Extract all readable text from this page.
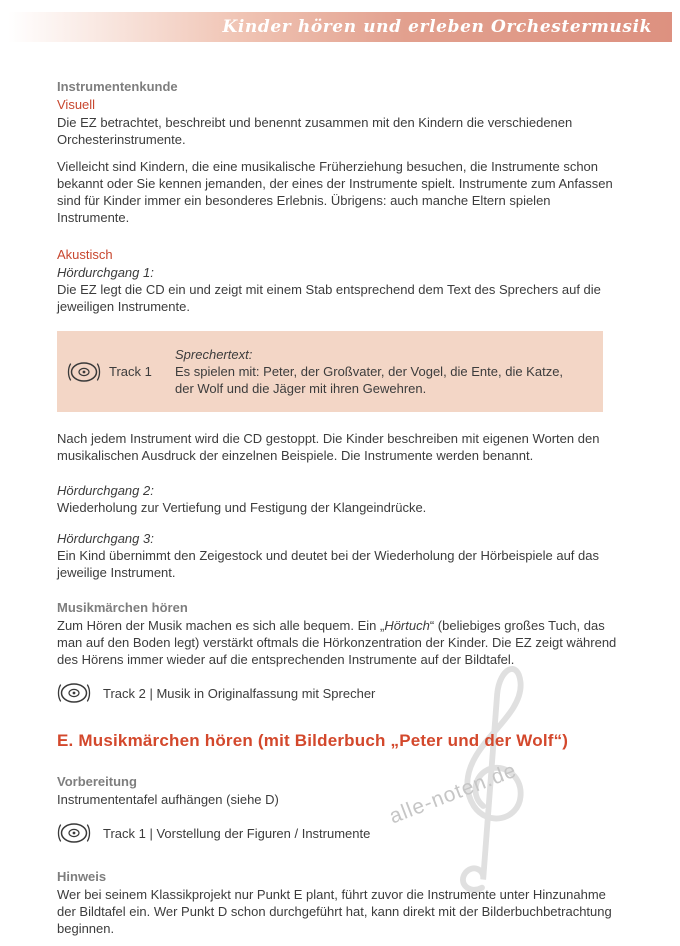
alle-noten.de
Kinder hören und erleben Orchestermusik
Instrumentenkunde
Visuell

Die EZ betrachtet, beschreibt und benennt zusammen mit den Kindern die verschiedenen Orchesterinstrumente.

Vielleicht sind Kindern, die eine musikalische Früherziehung besuchen, die Instrumente schon bekannt oder Sie kennen jemanden, der eines der Instrumente spielt. Instrumente zum Anfassen sind für Kinder immer ein besonderes Erlebnis. Übrigens: auch manche Eltern spielen Instrumente.

Akustisch
Hördurchgang 1:
Die EZ legt die CD ein und zeigt mit einem Stab entsprechend dem Text des Sprechers auf die jeweiligen Instrumente.
Track 1
Sprechertext:
Es spielen mit: Peter, der Großvater, der Vogel, die Ente, die Katze, der Wolf und die Jäger mit ihren Gewehren.

Nach jedem Instrument wird die CD gestoppt. Die Kinder beschreiben mit eigenen Worten den musikalischen Ausdruck der einzelnen Beispiele. Die Instrumente werden benannt.

Hördurchgang 2:
Wiederholung zur Vertiefung und Festigung der Klangeindrücke.
Hördurchgang 3:
Ein Kind übernimmt den Zeigestock und deutet bei der Wiederholung der Hörbeispiele auf das jeweilige Instrument.
Musikmärchen hören

Zum Hören der Musik machen es sich alle bequem. Ein „Hörtuch“ (beliebiges großes Tuch, das man auf den Boden legt) verstärkt oftmals die Hörkonzentration der Kinder. Die EZ zeigt während des Hörens immer wieder auf die entsprechenden Instrumente auf der Bildtafel.

Track 2 | Musik in Originalfassung mit Sprecher
E. Musikmärchen hören (mit Bilderbuch „Peter und der Wolf“)
Vorbereitung
Instrumententafel aufhängen (siehe D)
Track 1 | Vorstellung der Figuren / Instrumente
Hinweis

Wer bei seinem Klassikprojekt nur Punkt E plant, führt zuvor die Instrumente unter Hinzunahme der Bildtafel ein. Wer Punkt D schon durchgeführt hat, kann direkt mit der Bilderbuchbetrachtung beginnen.
